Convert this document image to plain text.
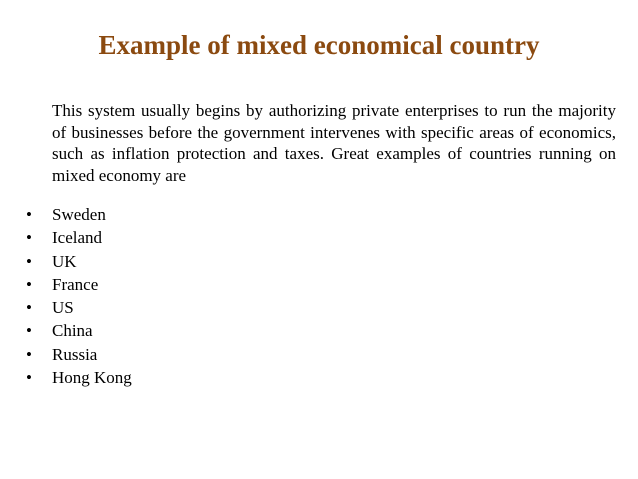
Example of mixed economical country

This system usually begins by authorizing private enterprises to run the majority of businesses before the government intervenes with specific areas of economics, such as inflation protection and taxes. Great examples of countries running on mixed economy are

•	Sweden
•	Iceland
•	UK
•	France
•	US
•	China
•	Russia
•	Hong Kong
